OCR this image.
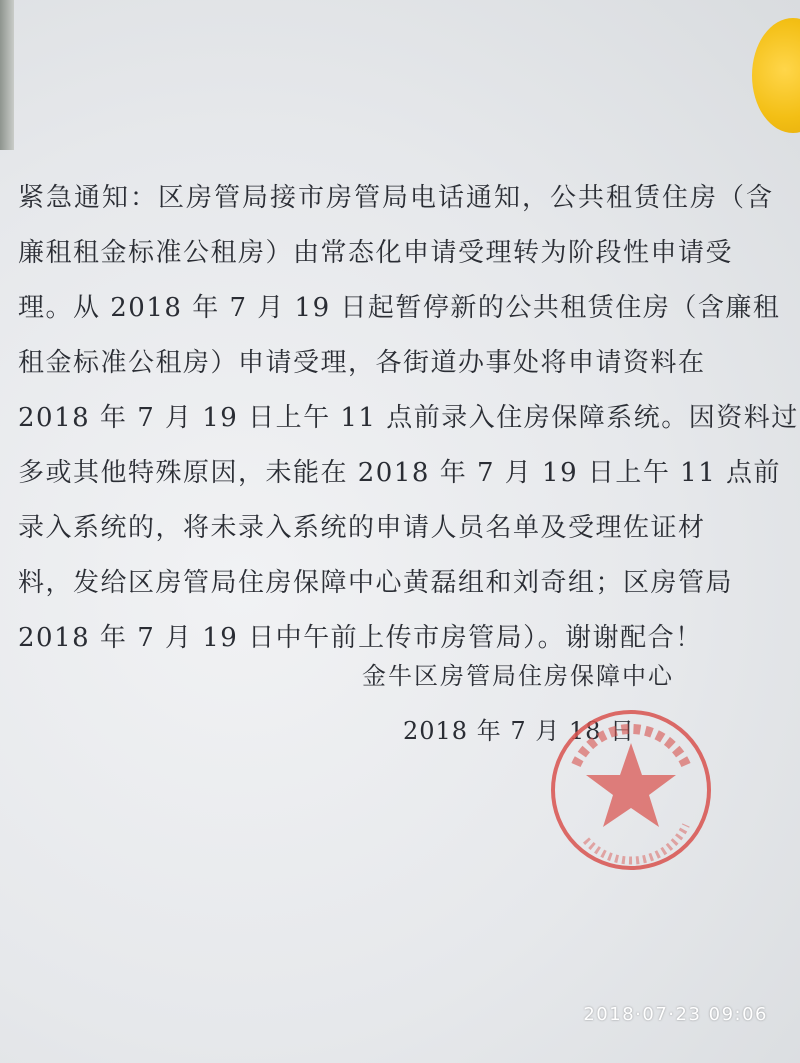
紧急通知：区房管局接市房管局电话通知，公共租赁住房（含
廉租租金标准公租房）由常态化申请受理转为阶段性申请受
理。从 2018 年 7 月 19 日起暂停新的公共租赁住房（含廉租
租金标准公租房）申请受理，各街道办事处将申请资料在
2018 年 7 月 19 日上午 11 点前录入住房保障系统。因资料过
多或其他特殊原因，未能在 2018 年 7 月 19 日上午 11 点前
录入系统的，将未录入系统的申请人员名单及受理佐证材
料，发给区房管局住房保障中心黄磊组和刘奇组；区房管局
2018 年 7 月 19 日中午前上传市房管局）。谢谢配合！
金牛区房管局住房保障中心
2018 年 7 月 18 日
2018·07·23 09:06
